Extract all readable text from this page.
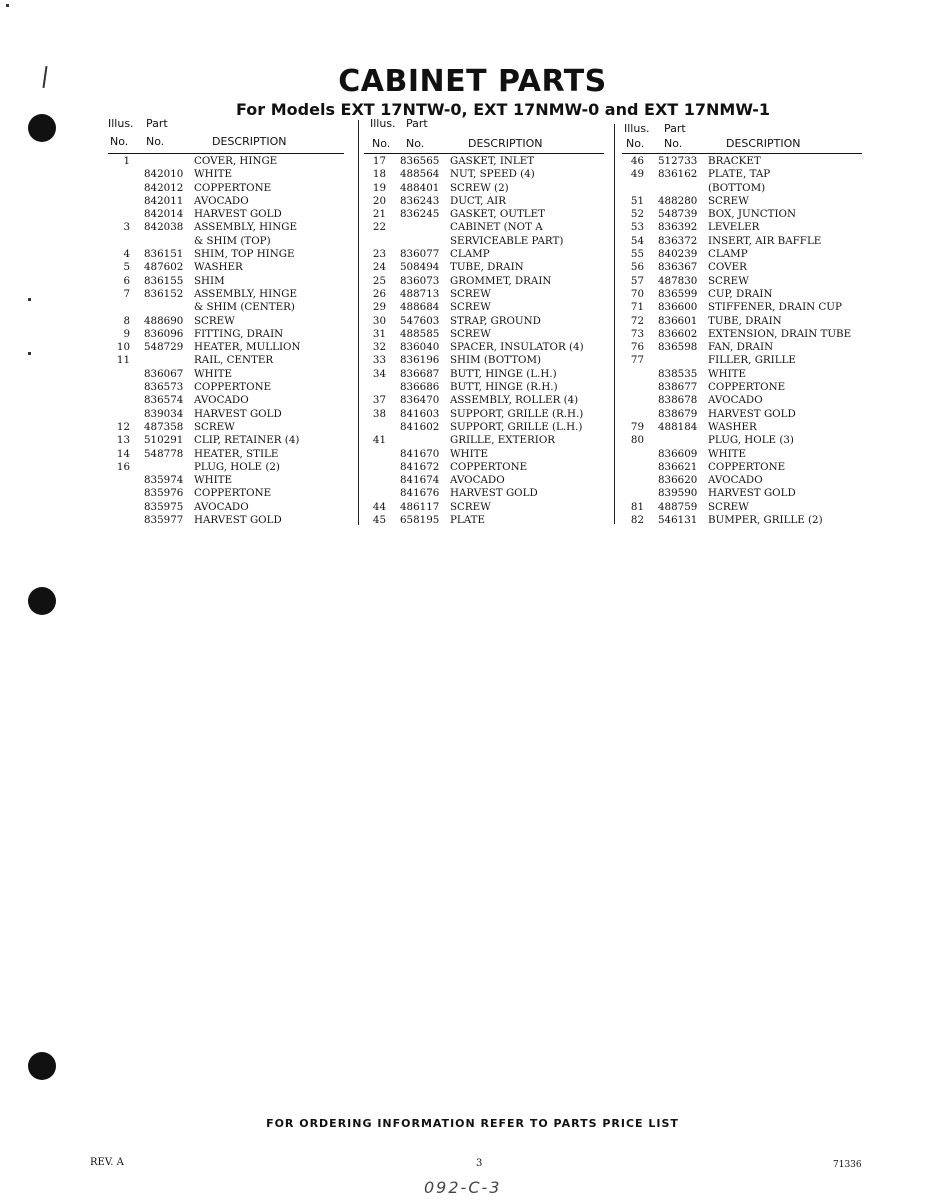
CABINET PARTS
For Models EXT 17NTW-0, EXT 17NMW-0 and EXT 17NMW-1
Illus. Part
No. No.	DESCRIPTION
1	COVER, HINGE
842010 WHITE
842012 COPPERTONE
842011 AVOCADO
842014 HARVEST GOLD
3 842038 ASSEMBLY, HINGE
& SHIM (TOP)
4 836151 SHIM, TOP HINGE
5 487602 WASHER
6 836155 SHIM
7 836152 ASSEMBLY, HINGE
& SHIM (CENTER)
8 488690 SCREW
9 836096 FITTING, DRAIN
10 548729 HEATER, MULLION
11	RAIL, CENTER
836067 WHITE
836573 COPPERTONE
836574 AVOCADO
839034 HARVEST GOLD
12 487358 SCREW
13 510291 CLIP, RETAINER (4)
14 548778 HEATER, STILE
16	PLUG, HOLE (2)
835974 WHITE
835976 COPPERTONE
835975 AVOCADO
835977 HARVEST GOLD
Illus. Part
No. No.	DESCRIPTION
17 836565 GASKET, INLET
18 488564 NUT, SPEED (4)
19 488401 SCREW (2)
20 836243 DUCT, AIR
21 836245 GASKET, OUTLET
22	CABINET (NOT A
SERVICEABLE PART)
23 836077 CLAMP
24 508494 TUBE, DRAIN
25 836073 GROMMET, DRAIN
26 488713 SCREW
29 488684 SCREW
30 547603 STRAP, GROUND
31 488585 SCREW
32 836040 SPACER, INSULATOR (4)
33 836196 SHIM (BOTTOM)
34 836687 BUTT, HINGE (L.H.)
836686 BUTT, HINGE (R.H.)
37 836470 ASSEMBLY, ROLLER (4)
38 841603 SUPPORT, GRILLE (R.H.)
841602 SUPPORT, GRILLE (L.H.)
41	GRILLE, EXTERIOR
841670 WHITE
841672 COPPERTONE
841674 AVOCADO
841676 HARVEST GOLD
44 486117 SCREW
45 658195 PLATE
Illus. Part
No. No.	DESCRIPTION
46 512733 BRACKET
49 836162 PLATE, TAP
(BOTTOM)
51 488280 SCREW
52 548739 BOX, JUNCTION
53 836392 LEVELER
54 836372 INSERT, AIR BAFFLE
55 840239 CLAMP
56 836367 COVER
57 487830 SCREW
70 836599 CUP, DRAIN
71 836600 STIFFENER, DRAIN CUP
72 836601 TUBE, DRAIN
73 836602 EXTENSION, DRAIN TUBE
76 836598 FAN, DRAIN
77	FILLER, GRILLE
838535 WHITE
838677 COPPERTONE
838678 AVOCADO
838679 HARVEST GOLD
79 488184 WASHER
80	PLUG, HOLE (3)
836609 WHITE
836621 COPPERTONE
836620 AVOCADO
839590 HARVEST GOLD
81 488759 SCREW
82 546131 BUMPER, GRILLE (2)
FOR ORDERING INFORMATION REFER TO PARTS PRICE LIST
REV. A	3	71336
092-C-3
